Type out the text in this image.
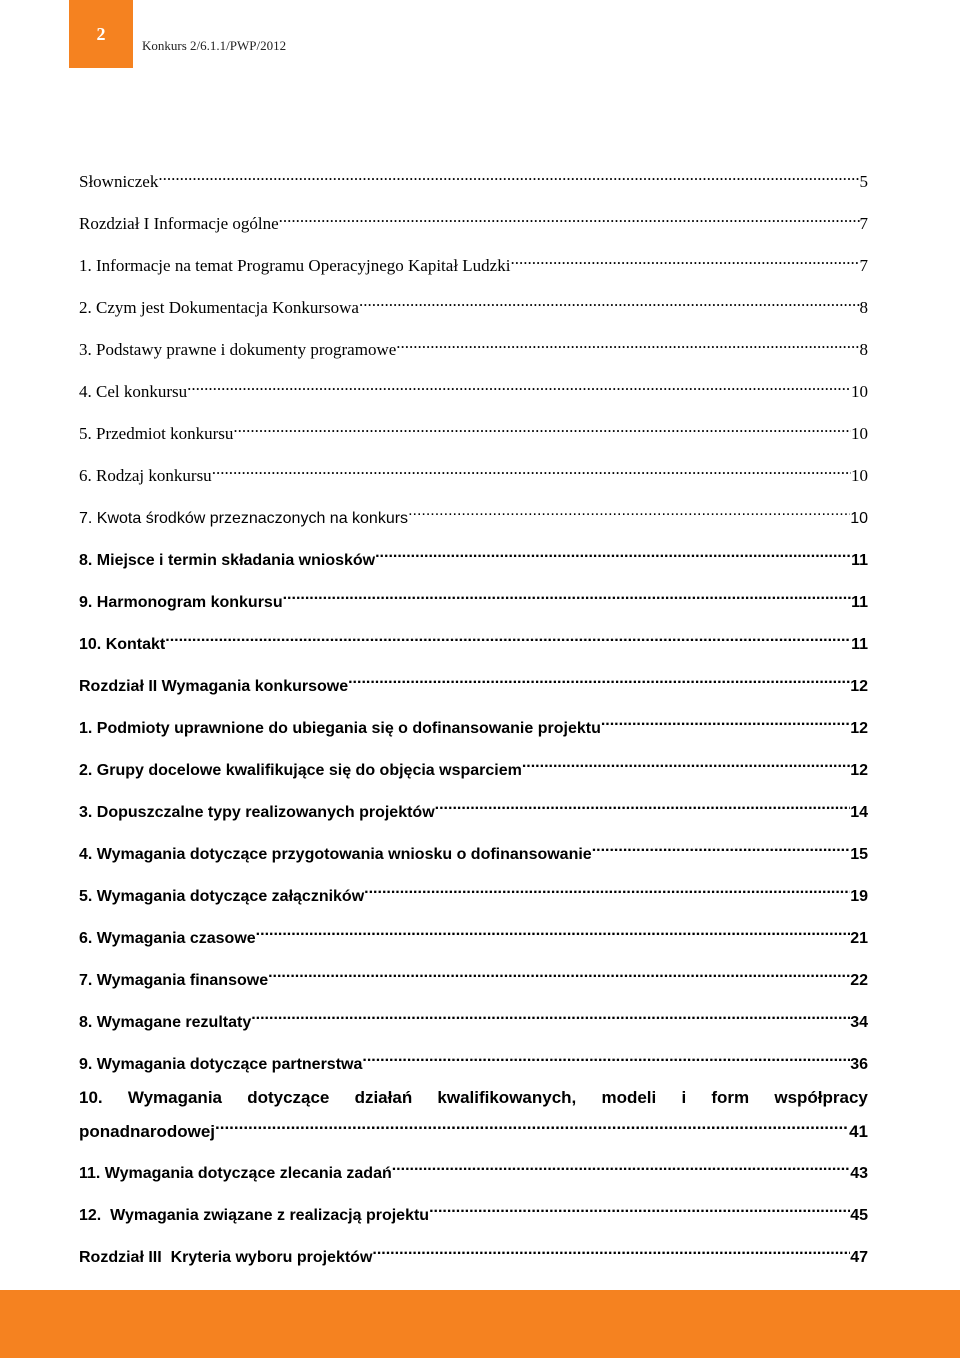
2
Konkurs 2/6.1.1/PWP/2012
Słowniczek .....	5
Rozdział I Informacje ogólne .....	7
1. Informacje na temat Programu Operacyjnego Kapitał Ludzki .....	7
2. Czym jest Dokumentacja Konkursowa .....	8
3. Podstawy prawne i dokumenty programowe .....	8
4. Cel konkursu .....	10
5. Przedmiot konkursu .....	10
6. Rodzaj konkursu .....	10
7. Kwota środków przeznaczonych na konkurs .....	10
8. Miejsce i termin składania wniosków .....	11
9. Harmonogram konkursu .....	11
10. Kontakt .....	11
Rozdział II Wymagania konkursowe .....	12
1. Podmioty uprawnione do ubiegania się o dofinansowanie projektu .....	12
2. Grupy docelowe kwalifikujące się do objęcia wsparciem .....	12
3. Dopuszczalne typy realizowanych projektów .....	14
4. Wymagania dotyczące przygotowania wniosku o dofinansowanie .....	15
5. Wymagania dotyczące załączników .....	19
6. Wymagania czasowe .....	21
7. Wymagania finansowe .....	22
8. Wymagane rezultaty .....	34
9. Wymagania dotyczące partnerstwa .....	36
10. Wymagania dotyczące działań kwalifikowanych, modeli i form współpracy
ponadnarodowej .....	41
11. Wymagania dotyczące zlecania zadań .....	43
12.  Wymagania związane z realizacją projektu .....	45
Rozdział III  Kryteria wyboru projektów .....	47
